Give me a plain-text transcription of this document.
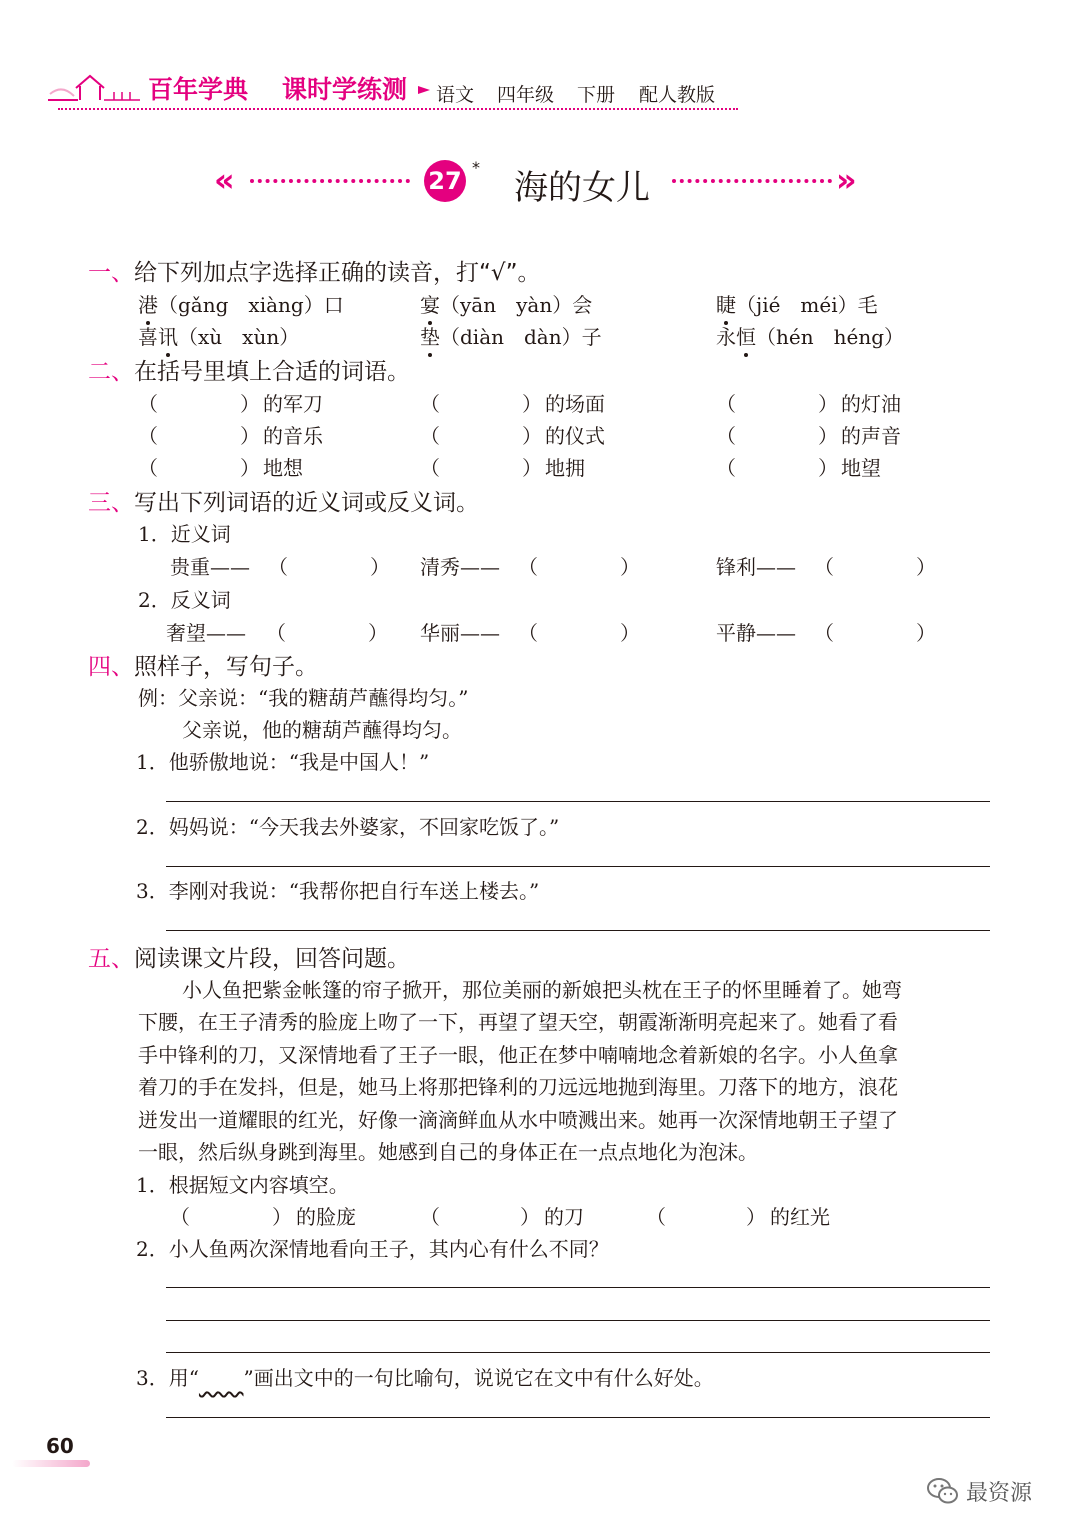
百年学典 课时学练测 语文 四年级 下册 配人教版
«	27 *
海的女儿	»
一、给下列加点字选择正确的读音，打“√”。
港（gǎng　xiàng）口	宴（yān　yàn）会	睫（jié　méi）毛
喜讯（xù　xùn）	垫（diàn　dàn）子	永恒（hén　héng）
二、在括号里填上合适的词语。
（	） 的军刀	（	） 的场面	（	） 的灯油
（	） 的音乐	（	） 的仪式	（	） 的声音
（	） 地想	（	） 地拥	（	） 地望
三、写出下列词语的近义词或反义词。
1．近义词
贵重—— （	） 清秀—— （	）	锋利—— （	）
2．反义词
奢望—— （	） 华丽—— （	）	平静—— （	）
四、照样子，写句子。
例：父亲说：“我的糖葫芦蘸得均匀。”
父亲说，他的糖葫芦蘸得均匀。
1．他骄傲地说：“我是中国人！”
2．妈妈说：“今天我去外婆家，不回家吃饭了。”
3．李刚对我说：“我帮你把自行车送上楼去。”
五、阅读课文片段，回答问题。
小人鱼把紫金帐篷的帘子掀开，那位美丽的新娘把头枕在王子的怀里睡着了。她弯
下腰，在王子清秀的脸庞上吻了一下，再望了望天空，朝霞渐渐明亮起来了。她看了看
手中锋利的刀，又深情地看了王子一眼，他正在梦中喃喃地念着新娘的名字。小人鱼拿
着刀的手在发抖，但是，她马上将那把锋利的刀远远地抛到海里。刀落下的地方，浪花
迸发出一道耀眼的红光，好像一滴滴鲜血从水中喷溅出来。她再一次深情地朝王子望了
一眼，然后纵身跳到海里。她感到自己的身体正在一点点地化为泡沫。
1．根据短文内容填空。
（	） 的脸庞	（	） 的刀	（	） 的红光
2．小人鱼两次深情地看向王子，其内心有什么不同？
3．用“ ”画出文中的一句比喻句，说说它在文中有什么好处。
60
最资源
